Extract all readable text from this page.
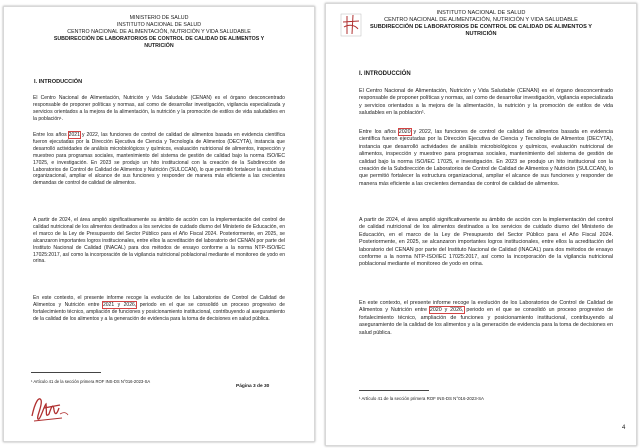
MINISTERIO DE SALUD
INSTITUTO NACIONAL DE SALUD
CENTRO NACIONAL DE ALIMENTACIÓN, NUTRICIÓN Y VIDA SALUDABLE
SUBDIRECCIÓN DE LABORATORIOS DE CONTROL DE CALIDAD DE ALIMENTOS Y
NUTRICIÓN
I. INTRODUCCIÓN

El Centro Nacional de Alimentación, Nutrición y Vida Saludable (CENAN) es el órgano desconcentrado responsable de proponer políticas y normas, así como de desarrollar investigación, vigilancia especializada y servicios orientados a la mejora de la alimentación, la nutrición y la promoción de estilos de vida saludables en la población¹.

Entre los años 2021 y 2022, las funciones de control de calidad de alimentos basada en evidencia científica fueron ejecutadas por la Dirección Ejecutiva de Ciencia y Tecnología de Alimentos (DECYTA), instancia que desarrolló actividades de análisis microbiológicos y químicos, evaluación nutricional de alimentos, inspección y muestreo para programas sociales, mantenimiento del sistema de gestión de calidad bajo la norma ISO/IEC 17025, e investigación. En 2023 se produjo un hito institucional con la creación de la Subdirección de Laboratorios de Control de Calidad de Alimentos y Nutrición (SULCCAN), lo que permitió fortalecer la estructura organizacional, ampliar el alcance de sus funciones y responder de manera más eficiente a las crecientes demandas de control de calidad de alimentos.

A partir de 2024, el área amplió significativamente su ámbito de acción con la implementación del control de calidad nutricional de los alimentos destinados a los servicios de cuidado diurno del Ministerio de Educación, en el marco de la Ley de Presupuesto del Sector Público para el Año Fiscal 2024. Posteriormente, en 2025, se alcanzaron importantes logros institucionales, entre ellos la acreditación del laboratorio del CENAN por parte del Instituto Nacional de Calidad (INACAL) para dos métodos de ensayo conforme a la norma NTP-ISO/IEC 17025:2017, así como la incorporación de la vigilancia nutricional poblacional mediante el monitoreo de yodo en orina.

En este contexto, el presente informe recoge la evolución de los Laboratorios de Control de Calidad de Alimentos y Nutrición entre 2021 y 2026, periodo en el que se consolidó un proceso progresivo de fortalecimiento técnico, ampliación de funciones y posicionamiento institucional, contribuyendo al aseguramiento de la calidad de los alimentos y a la generación de evidencia para la toma de decisiones en salud pública.

¹ Artículo 41 de la sección primera ROF INS-DS N°016-2023-SA
Página 3 de 30
INSTITUTO NACIONAL DE SALUD
CENTRO NACIONAL DE ALIMENTACIÓN, NUTRICIÓN Y VIDA SALUDABLE
SUBDIRECCIÓN DE LABORATORIOS DE CONTROL DE CALIDAD DE ALIMENTOS Y
NUTRICIÓN
I. INTRODUCCIÓN

El Centro Nacional de Alimentación, Nutrición y Vida Saludable (CENAN) es el órgano desconcentrado responsable de proponer políticas y normas, así como de desarrollar investigación, vigilancia especializada y servicios orientados a la mejora de la alimentación, la nutrición y la promoción de estilos de vida saludables en la población¹.

Entre los años 2020 y 2022, las funciones de control de calidad de alimentos basada en evidencia científica fueron ejecutadas por la Dirección Ejecutiva de Ciencia y Tecnología de Alimentos (DECYTA), instancia que desarrolló actividades de análisis microbiológicos y químicos, evaluación nutricional de alimentos, inspección y muestreo para programas sociales, mantenimiento del sistema de gestión de calidad bajo la norma ISO/IEC 17025, e investigación. En 2023 se produjo un hito institucional con la creación de la Subdirección de Laboratorios de Control de Calidad de Alimentos y Nutrición (SULCCAN), lo que permitió fortalecer la estructura organizacional, ampliar el alcance de sus funciones y responder de manera más eficiente a las crecientes demandas de control de calidad de alimentos.

A partir de 2024, el área amplió significativamente su ámbito de acción con la implementación del control de calidad nutricional de los alimentos destinados a los servicios de cuidado diurno del Ministerio de Educación, en el marco de la Ley de Presupuesto del Sector Público para el Año Fiscal 2024. Posteriormente, en 2025, se alcanzaron importantes logros institucionales, entre ellos la acreditación del laboratorio del CENAN por parte del Instituto Nacional de Calidad (INACAL) para dos métodos de ensayo conforme a la norma NTP-ISO/IEC 17025:2017, así como la incorporación de la vigilancia nutricional poblacional mediante el monitoreo de yodo en orina.

En este contexto, el presente informe recoge la evolución de los Laboratorios de Control de Calidad de Alimentos y Nutrición entre 2020 y 2026, periodo en el que se consolidó un proceso progresivo de fortalecimiento técnico, ampliación de funciones y posicionamiento institucional, contribuyendo al aseguramiento de la calidad de los alimentos y a la generación de evidencia para la toma de decisiones en salud pública.

¹ Artículo 41 de la sección primera ROF INS-DS N°016-2023-SA
4
